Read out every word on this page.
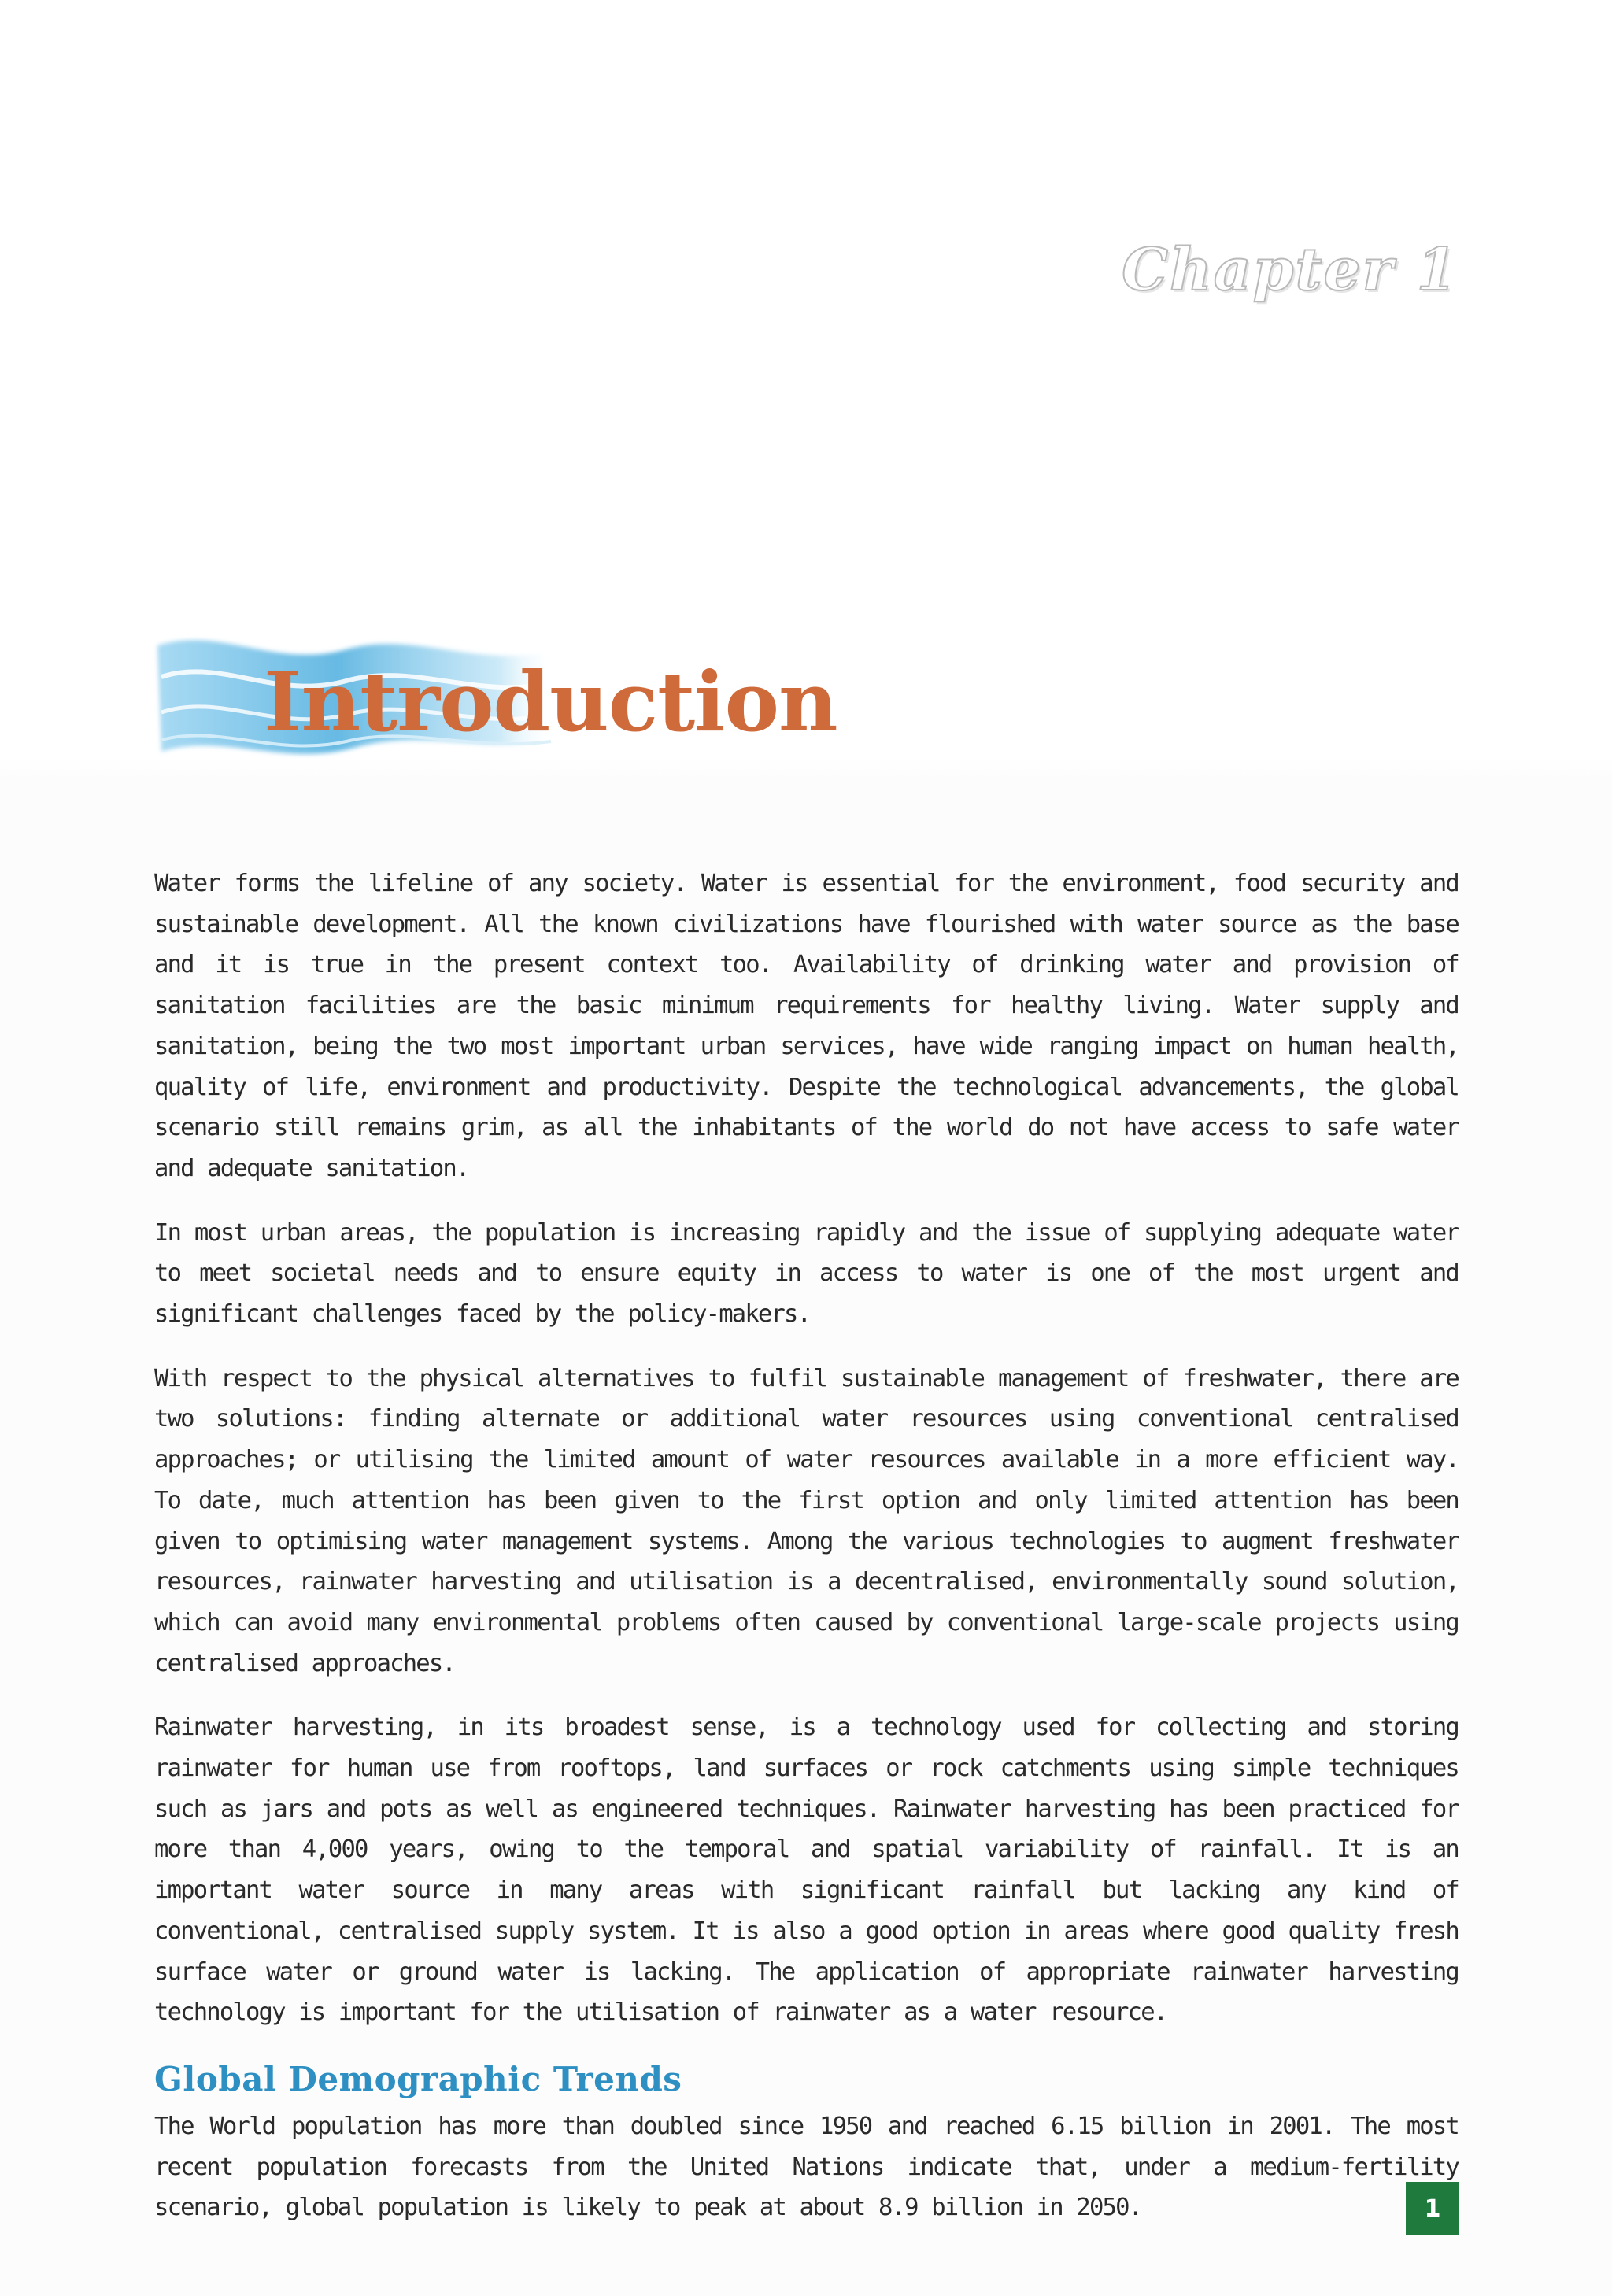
Chapter 1
Introduction

Water forms the lifeline of any society. Water is essential for the environment, food security and sustainable development. All the known civilizations have flourished with water source as the base and it is true in the present context too. Availability of drinking water and provision of sanitation facilities are the basic minimum requirements for healthy living. Water supply and sanitation, being the two most important urban services, have wide ranging impact on human health, quality of life, environment and productivity. Despite the technological advancements, the global scenario still remains grim, as all the inhabitants of the world do not have access to safe water and adequate sanitation.

In most urban areas, the population is increasing rapidly and the issue of supplying adequate water to meet societal needs and to ensure equity in access to water is one of the most urgent and significant challenges faced by the policy-makers.

With respect to the physical alternatives to fulfil sustainable management of freshwater, there are two solutions: finding alternate or additional water resources using conventional centralised approaches; or utilising the limited amount of water resources available in a more efficient way. To date, much attention has been given to the first option and only limited attention has been given to optimising water management systems. Among the various technologies to augment freshwater resources, rainwater harvesting and utilisation is a decentralised, environmentally sound solution, which can avoid many environmental problems often caused by conventional large-scale projects using centralised approaches.

Rainwater harvesting, in its broadest sense, is a technology used for collecting and storing rainwater for human use from rooftops, land surfaces or rock catchments using simple techniques such as jars and pots as well as engineered techniques. Rainwater harvesting has been practiced for more than 4,000 years, owing to the temporal and spatial variability of rainfall. It is an important water source in many areas with significant rainfall but lacking any kind of conventional, centralised supply system. It is also a good option in areas where good quality fresh surface water or ground water is lacking. The application of appropriate rainwater harvesting technology is important for the utilisation of rainwater as a water resource.

Global Demographic Trends

The World population has more than doubled since 1950 and reached 6.15 billion in 2001. The most recent population forecasts from the United Nations indicate that, under a medium-fertility scenario, global population is likely to peak at about 8.9 billion in 2050.	1
